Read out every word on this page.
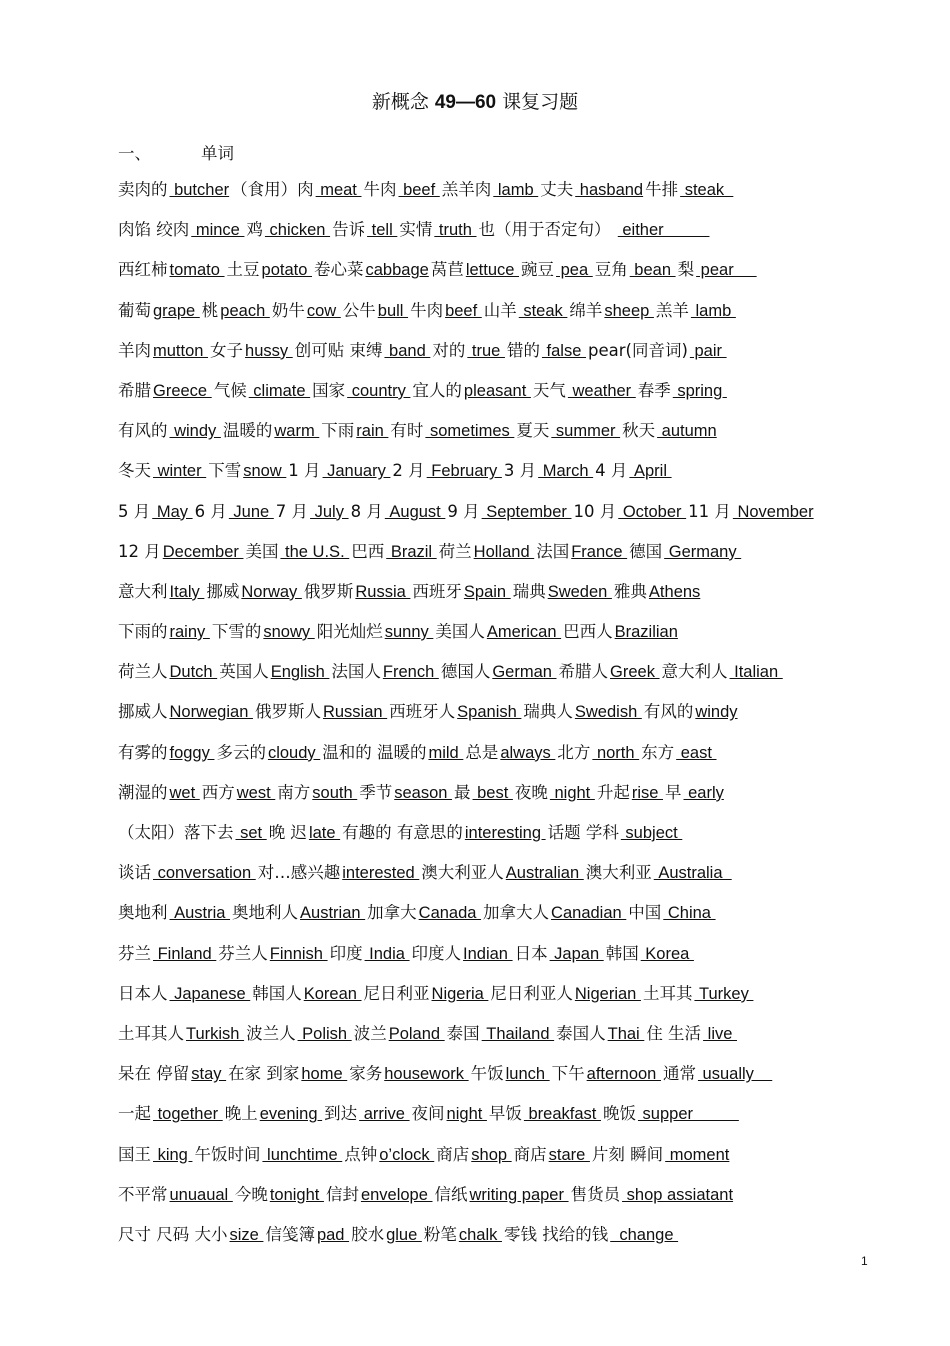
新概念 49—60 课复习题
一、	单词
卖肉的 butcher （食用）肉 meat 牛肉 beef 羔羊肉 lamb 丈夫 hasband 牛排 steak
肉馅 绞肉 mince 鸡 chicken 告诉 tell 实情 truth 也（用于否定句）  either
西红柿 tomato 土豆 potato 卷心菜 cabbage 莴苣 lettuce 豌豆 pea 豆角 bean 梨 pear
葡萄 grape 桃 peach 奶牛 cow 公牛 bull 牛肉 beef 山羊 steak 绵羊 sheep 羔羊 lamb
羊肉 mutton 女子 hussy 创可贴 束缚 band 对的 true 错的 false pear(同音词) pair
希腊 Greece 气候 climate 国家 country 宜人的 pleasant 天气 weather 春季 spring
有风的 windy 温暖的 warm 下雨 rain 有时 sometimes 夏天 summer 秋天 autumn
冬天 winter 下雪 snow 1 月 January 2 月 February 3 月 March 4 月 April
5 月 May 6 月 June 7 月 July 8 月 August 9 月 September 10 月 October 11 月 November
12 月 December 美国 the U.S. 巴西 Brazil 荷兰 Holland 法国 France 德国 Germany
意大利 Italy 挪威 Norway 俄罗斯 Russia 西班牙 Spain 瑞典 Sweden 雅典 Athens
下雨的 rainy 下雪的 snowy 阳光灿烂 sunny 美国人 American 巴西人 Brazilian
荷兰人 Dutch 英国人 English 法国人 French 德国人 German 希腊人 Greek 意大利人 Italian
挪威人 Norwegian 俄罗斯人 Russian 西班牙人 Spanish 瑞典人 Swedish 有风的 windy
有雾的 foggy 多云的 cloudy 温和的 温暖的 mild 总是 always 北方 north 东方 east
潮湿的 wet 西方 west 南方 south 季节 season 最 best 夜晚 night 升起 rise 早 early
（太阳）落下去 set 晚 迟 late 有趣的 有意思的 interesting 话题 学科 subject
谈话 conversation 对…感兴趣 interested 澳大利亚人 Australian 澳大利亚 Australia
奥地利 Austria 奥地利人 Austrian 加拿大 Canada 加拿大人 Canadian 中国 China
芬兰 Finland 芬兰人 Finnish 印度 India 印度人 Indian 日本 Japan 韩国 Korea
日本人 Japanese 韩国人 Korean 尼日利亚 Nigeria 尼日利亚人 Nigerian 土耳其 Turkey
土耳其人 Turkish 波兰人 Polish 波兰 Poland 泰国 Thailand 泰国人 Thai 住 生活 live
呆在 停留 stay 在家 到家 home 家务 housework 午饭 lunch 下午 afternoon 通常 usually
一起 together 晚上 evening 到达 arrive 夜间 night 早饭 breakfast 晚饭 supper
国王 king 午饭时间 lunchtime 点钟 o’clock 商店 shop 商店 stare 片刻 瞬间 moment
不平常 unuaual 今晚 tonight 信封 envelope 信纸 writing paper 售货员 shop assiatant
尺寸 尺码 大小 size 信笺簿 pad 胶水 glue 粉笔 chalk 零钱 找给的钱  change
1
